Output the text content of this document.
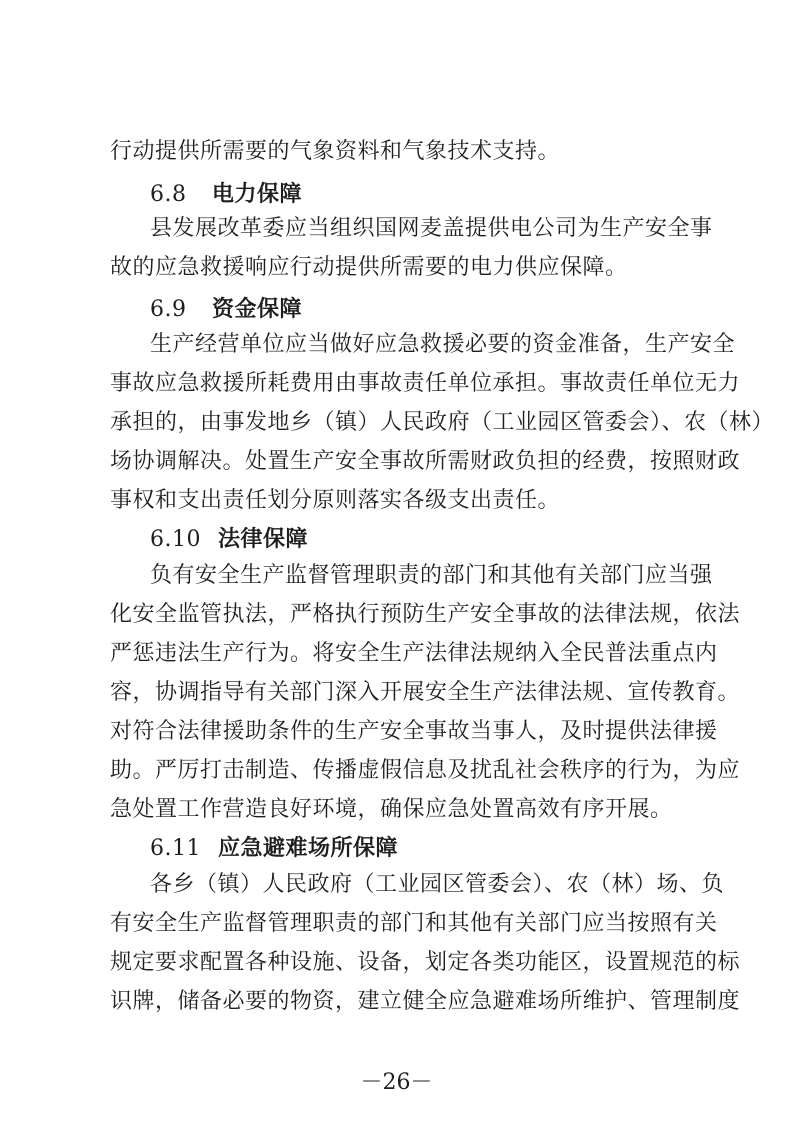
行动提供所需要的气象资料和气象技术支持。
6.8 电力保障
县发展改革委应当组织国网麦盖提供电公司为生产安全事
故的应急救援响应行动提供所需要的电力供应保障。
6.9 资金保障
生产经营单位应当做好应急救援必要的资金准备，生产安全
事故应急救援所耗费用由事故责任单位承担。事故责任单位无力
承担的，由事发地乡（镇）人民政府（工业园区管委会）、农（林）
场协调解决。处置生产安全事故所需财政负担的经费，按照财政
事权和支出责任划分原则落实各级支出责任。
6.10 法律保障
负有安全生产监督管理职责的部门和其他有关部门应当强
化安全监管执法，严格执行预防生产安全事故的法律法规，依法
严惩违法生产行为。将安全生产法律法规纳入全民普法重点内
容，协调指导有关部门深入开展安全生产法律法规、宣传教育。
对符合法律援助条件的生产安全事故当事人，及时提供法律援
助。严厉打击制造、传播虚假信息及扰乱社会秩序的行为，为应
急处置工作营造良好环境，确保应急处置高效有序开展。
6.11 应急避难场所保障
各乡（镇）人民政府（工业园区管委会）、农（林）场、负
有安全生产监督管理职责的部门和其他有关部门应当按照有关
规定要求配置各种设施、设备，划定各类功能区，设置规范的标
识牌，储备必要的物资，建立健全应急避难场所维护、管理制度
－26－
